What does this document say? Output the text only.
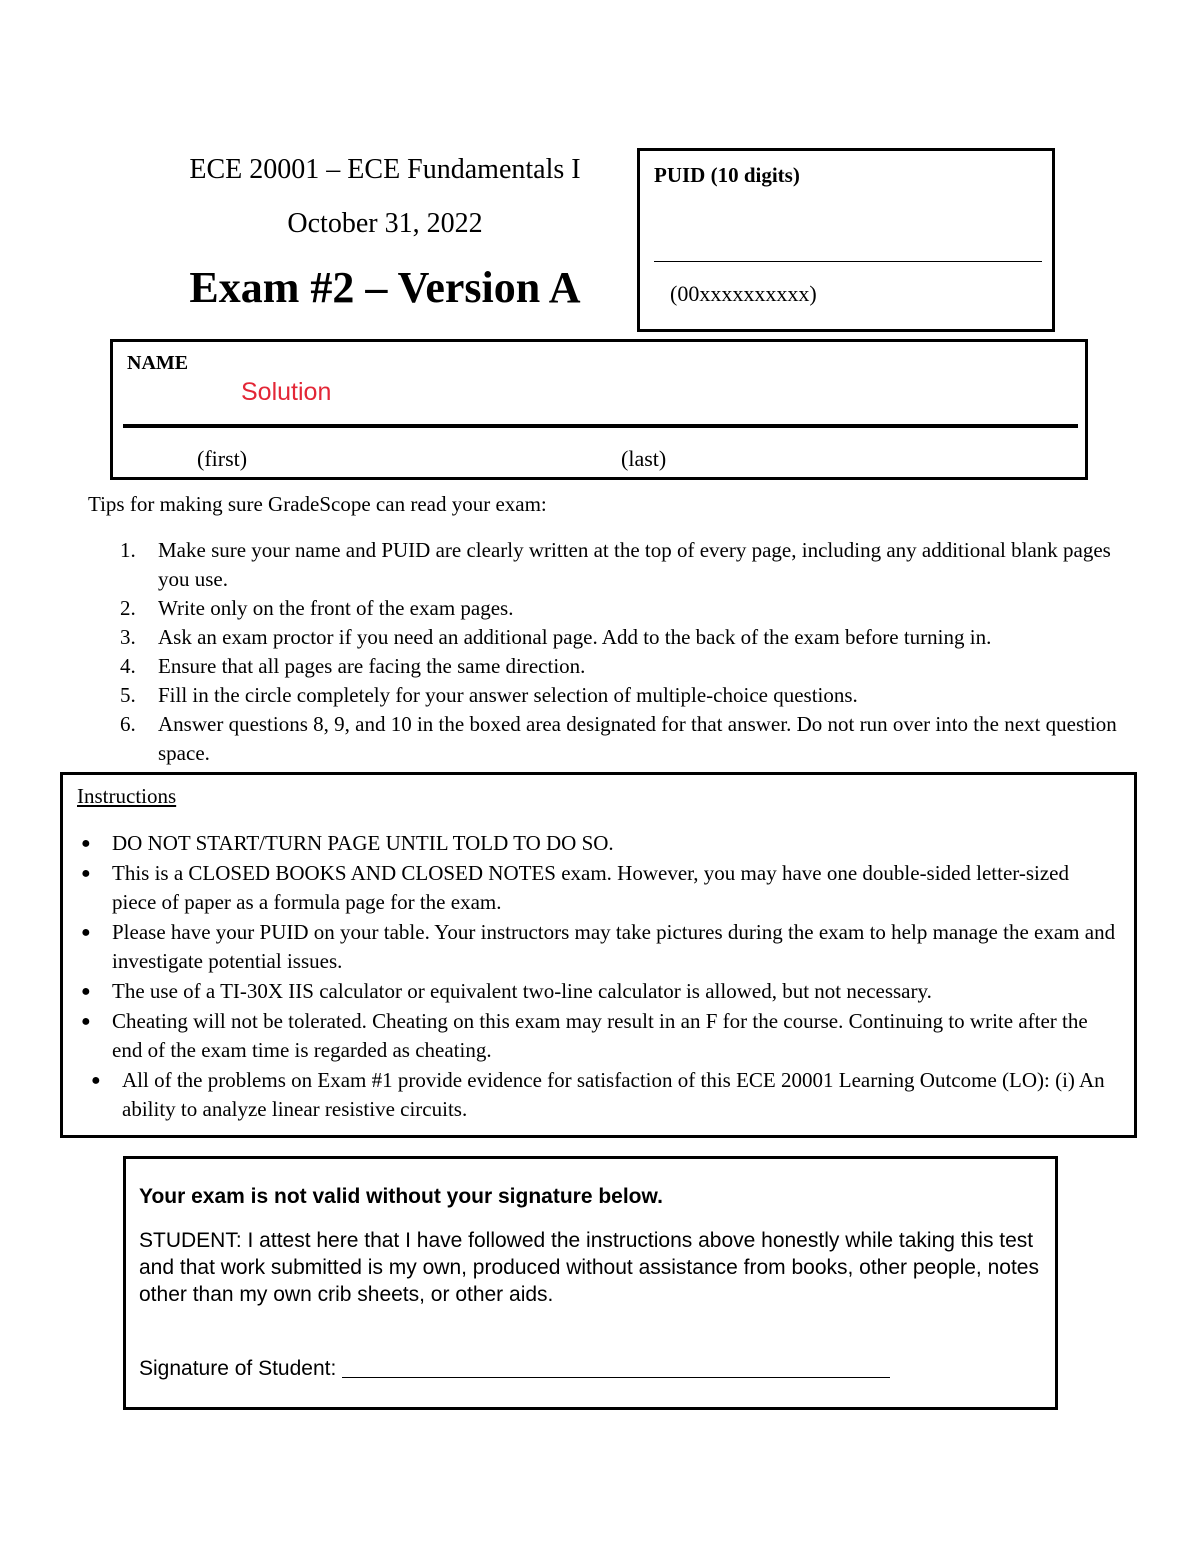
ECE 20001 – ECE Fundamentals I
October 31, 2022
Exam #2 – Version A
PUID (10 digits)
(00xxxxxxxxxx)
NAME
Solution
(first)	(last)
Tips for making sure GradeScope can read your exam:
1. Make sure your name and PUID are clearly written at the top of every page, including any additional blank pages you use.
2. Write only on the front of the exam pages.
3. Ask an exam proctor if you need an additional page. Add to the back of the exam before turning in.
4. Ensure that all pages are facing the same direction.
5. Fill in the circle completely for your answer selection of multiple-choice questions.
6. Answer questions 8, 9, and 10 in the boxed area designated for that answer. Do not run over into the next question space.
Instructions
● DO NOT START/TURN PAGE UNTIL TOLD TO DO SO.
● This is a CLOSED BOOKS AND CLOSED NOTES exam. However, you may have one double-sided letter-sized piece of paper as a formula page for the exam.
● Please have your PUID on your table. Your instructors may take pictures during the exam to help manage the exam and investigate potential issues.
● The use of a TI-30X IIS calculator or equivalent two-line calculator is allowed, but not necessary.
● Cheating will not be tolerated. Cheating on this exam may result in an F for the course. Continuing to write after the end of the exam time is regarded as cheating.
● All of the problems on Exam #1 provide evidence for satisfaction of this ECE 20001 Learning Outcome (LO): (i) An ability to analyze linear resistive circuits.
Your exam is not valid without your signature below.
STUDENT: I attest here that I have followed the instructions above honestly while taking this test and that work submitted is my own, produced without assistance from books, other people, notes other than my own crib sheets, or other aids.
Signature of Student:
